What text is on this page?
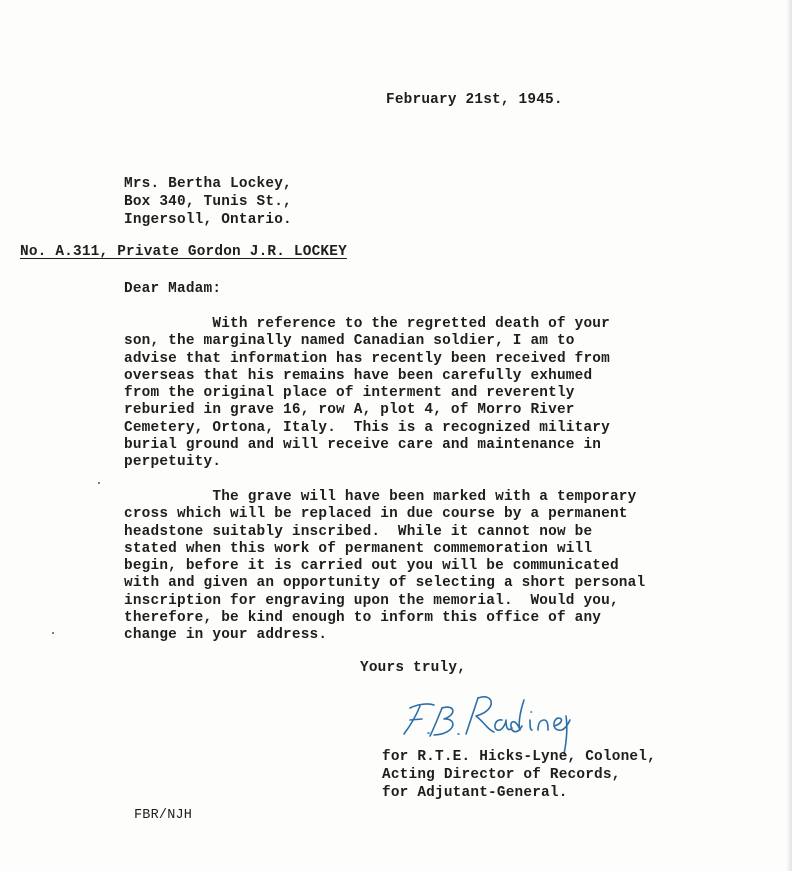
February 21st, 1945.
Mrs. Bertha Lockey,
Box 340, Tunis St.,
Ingersoll, Ontario.
No. A.311, Private Gordon J.R. LOCKEY
Dear Madam:
With reference to the regretted death of your
son, the marginally named Canadian soldier, I am to
advise that information has recently been received from
overseas that his remains have been carefully exhumed
from the original place of interment and reverently
reburied in grave 16, row A, plot 4, of Morro River
Cemetery, Ortona, Italy.  This is a recognized military
burial ground and will receive care and maintenance in
perpetuity.
The grave will have been marked with a temporary
cross which will be replaced in due course by a permanent
headstone suitably inscribed.  While it cannot now be
stated when this work of permanent commemoration will
begin, before it is carried out you will be communicated
with and given an opportunity of selecting a short personal
inscription for engraving upon the memorial.  Would you,
therefore, be kind enough to inform this office of any
change in your address.
Yours truly,
for R.T.E. Hicks-Lyne, Colonel,
Acting Director of Records,
for Adjutant-General.
FBR/NJH
